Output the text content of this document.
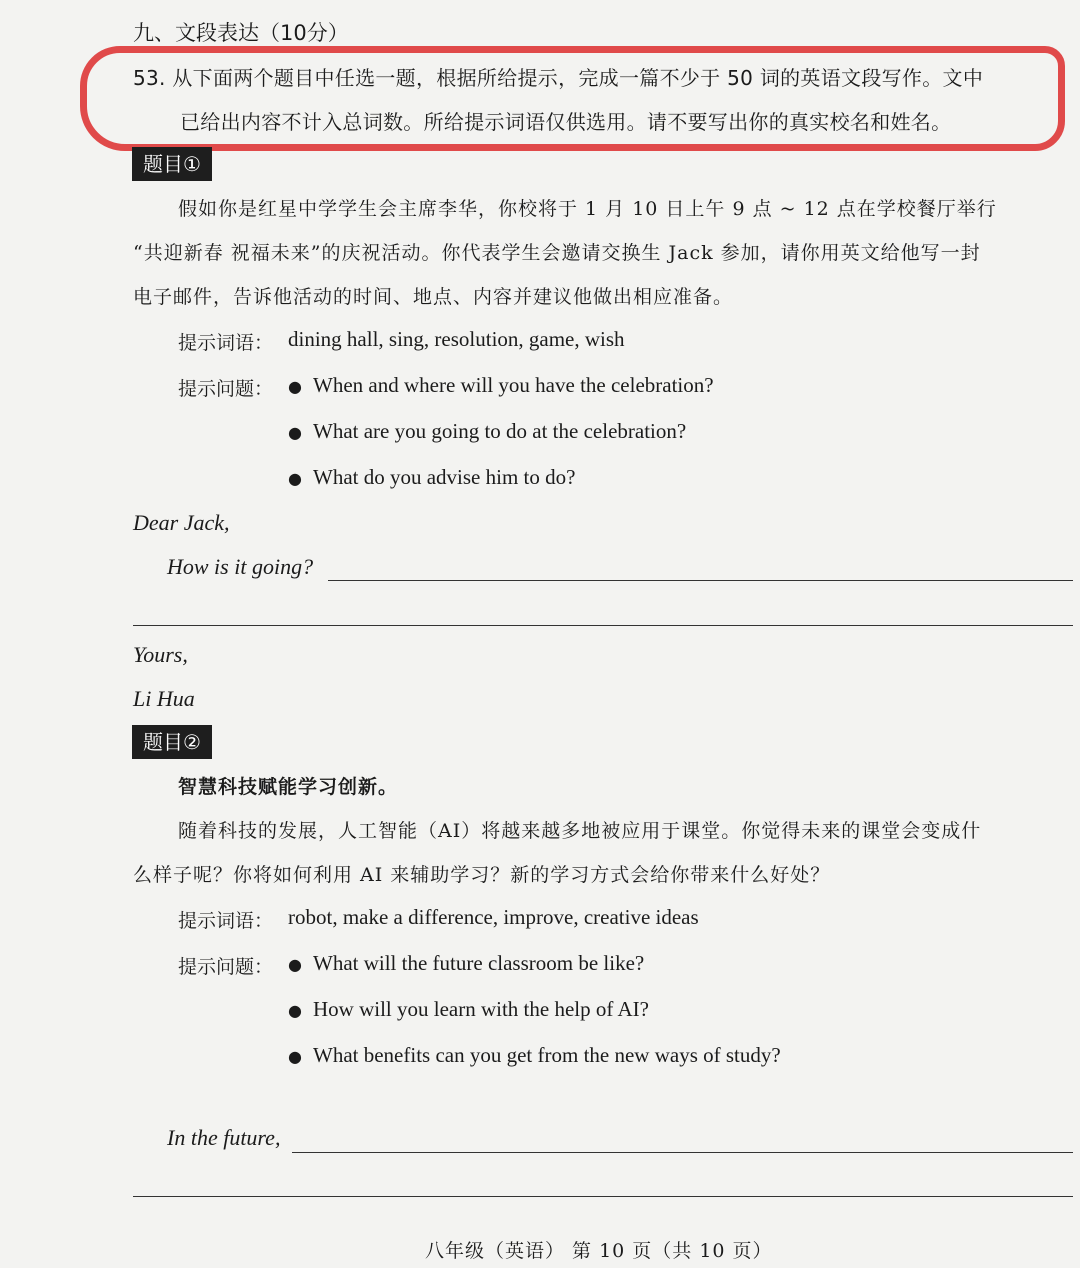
九、文段表达（10分）
53. 从下面两个题目中任选一题，根据所给提示，完成一篇不少于 50 词的英语文段写作。文中
已给出内容不计入总词数。所给提示词语仅供选用。请不要写出你的真实校名和姓名。
题目①
假如你是红星中学学生会主席李华，你校将于 1 月 10 日上午 9 点 ~ 12 点在学校餐厅举行
“共迎新春 祝福未来”的庆祝活动。你代表学生会邀请交换生 Jack 参加，请你用英文给他写一封
电子邮件，告诉他活动的时间、地点、内容并建议他做出相应准备。
提示词语： dining hall, sing, resolution, game, wish
提示问题： ● When and where will you have the celebration?
● What are you going to do at the celebration?
● What do you advise him to do?
Dear Jack,
How is it going?
Yours,
Li Hua
题目②
智慧科技赋能学习创新。
随着科技的发展，人工智能（AI）将越来越多地被应用于课堂。你觉得未来的课堂会变成什
么样子呢？你将如何利用 AI 来辅助学习？新的学习方式会给你带来什么好处？
提示词语： robot, make a difference, improve, creative ideas
提示问题： ● What will the future classroom be like?
● How will you learn with the help of AI?
● What benefits can you get from the new ways of study?
In the future,
八年级（英语） 第 10 页（共 10 页）
